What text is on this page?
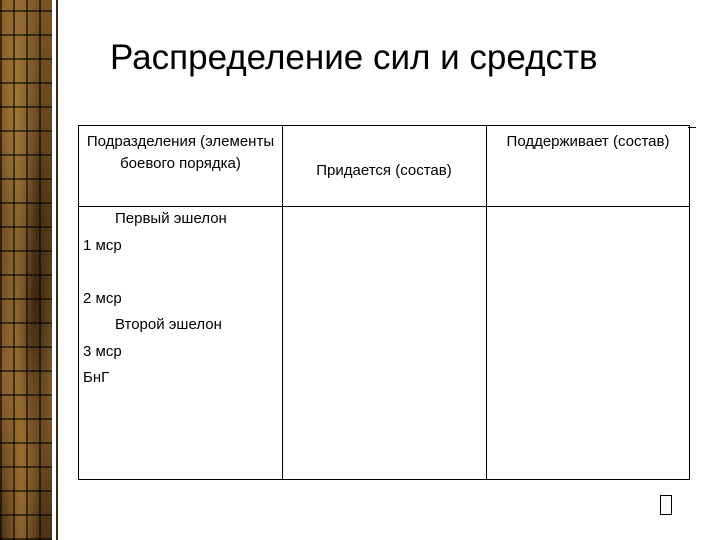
Распределение сил и средств
Подразделения (элементы боевого порядка)	Придается (состав)
Поддерживает (состав)
Первый эшелон
1 мср
2 мср
Второй эшелон
3 мср
БнГ
